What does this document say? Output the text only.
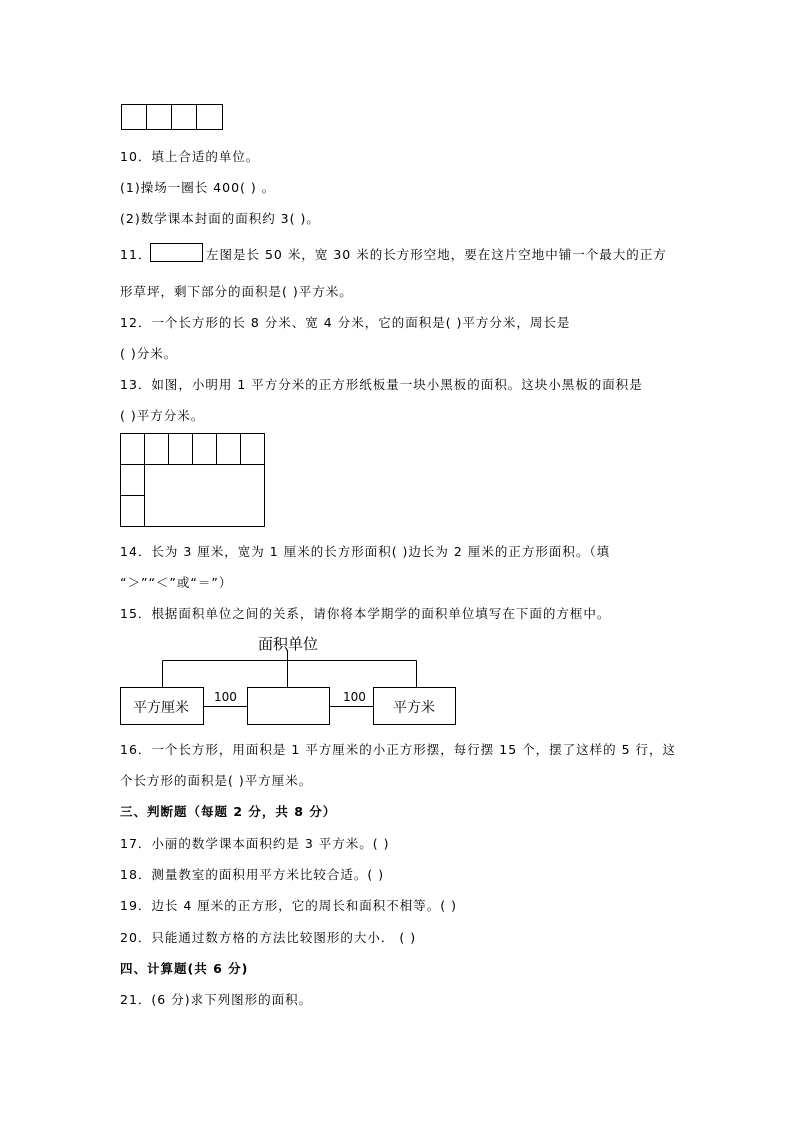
10．填上合适的单位。
(1)操场一圈长 400( ) 。
(2)数学课本封面的面积约 3( )。
11．	左图是长 50 米，宽 30 米的长方形空地，要在这片空地中铺一个最大的正方
形草坪，剩下部分的面积是( )平方米。
12．一个长方形的长 8 分米、宽 4 分米，它的面积是( )平方分米，周长是
( )分米。
13．如图，小明用 1 平方分米的正方形纸板量一块小黑板的面积。这块小黑板的面积是
( )平方分米。
14．长为 3 厘米，宽为 1 厘米的长方形面积( )边长为 2 厘米的正方形面积。（填
“＞”“＜”或“＝”）
15．根据面积单位之间的关系，请你将本学期学的面积单位填写在下面的方框中。
面积单位
平方厘米	平方米
100	100
16．一个长方形，用面积是 1 平方厘米的小正方形摆，每行摆 15 个，摆了这样的 5 行，这
个长方形的面积是( )平方厘米。
三、判断题（每题 2 分，共 8 分）
17．小丽的数学课本面积约是 3 平方米。( )
18．测量教室的面积用平方米比较合适。( )
19．边长 4 厘米的正方形，它的周长和面积不相等。( )
20．只能通过数方格的方法比较图形的大小． ( )
四、计算题(共 6 分)
21．(6 分)求下列图形的面积。
